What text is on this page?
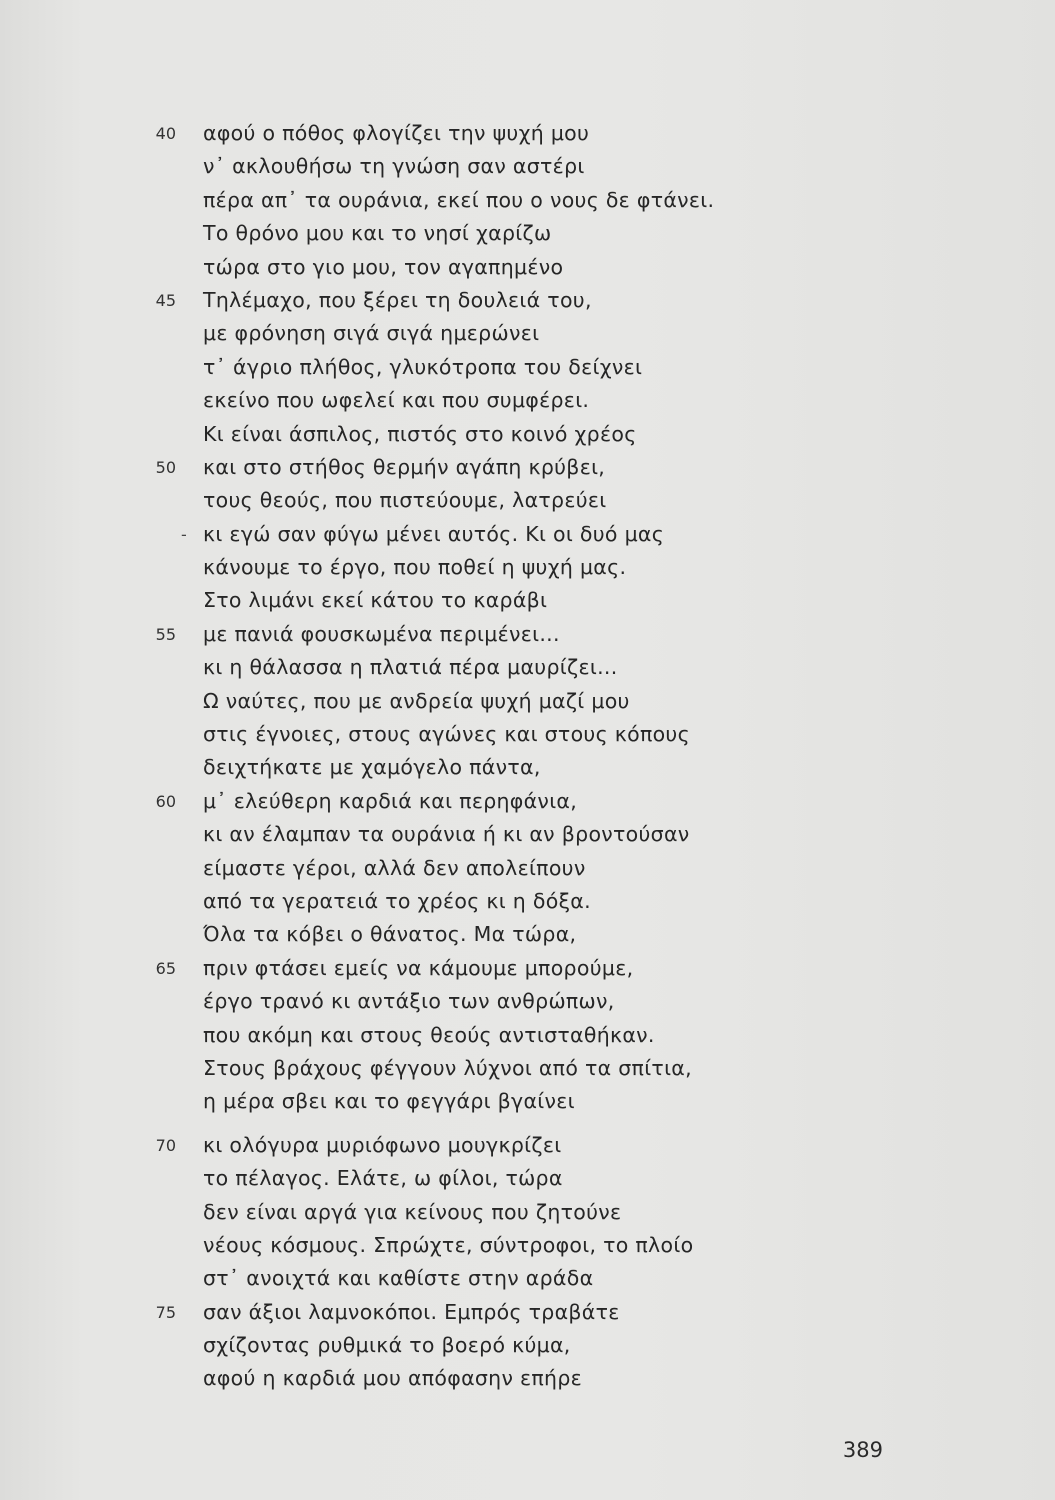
40 αφού ο πόθος φλογίζει την ψυχή μου
ν᾽ ακλουθήσω τη γνώση σαν αστέρι
πέρα απ᾽ τα ουράνια, εκεί που ο νους δε φτάνει.
Το θρόνο μου και το νησί χαρίζω
τώρα στο γιο μου, τον αγαπημένο
45 Τηλέμαχο, που ξέρει τη δουλειά του,
με φρόνηση σιγά σιγά ημερώνει
τ᾽ άγριο πλήθος, γλυκότροπα του δείχνει
εκείνο που ωφελεί και που συμφέρει.
Κι είναι άσπιλος, πιστός στο κοινό χρέος
50 και στο στήθος θερμήν αγάπη κρύβει,
τους θεούς, που πιστεύουμε, λατρεύει
- κι εγώ σαν φύγω μένει αυτός. Κι οι δυό μας
κάνουμε το έργο, που ποθεί η ψυχή μας.
Στο λιμάνι εκεί κάτου το καράβι
55 με πανιά φουσκωμένα περιμένει...
κι η θάλασσα η πλατιά πέρα μαυρίζει...
Ω ναύτες, που με ανδρεία ψυχή μαζί μου
στις έγνοιες, στους αγώνες και στους κόπους
δειχτήκατε με χαμόγελο πάντα,
60 μ᾽ ελεύθερη καρδιά και περηφάνια,
κι αν έλαμπαν τα ουράνια ή κι αν βροντούσαν
είμαστε γέροι, αλλά δεν απολείπουν
από τα γερατειά το χρέος κι η δόξα.
Όλα τα κόβει ο θάνατος. Μα τώρα,
65 πριν φτάσει εμείς να κάμουμε μπορούμε,
έργο τρανό κι αντάξιο των ανθρώπων,
που ακόμη και στους θεούς αντισταθήκαν.
Στους βράχους φέγγουν λύχνοι από τα σπίτια,
η μέρα σβει και το φεγγάρι βγαίνει
70 κι ολόγυρα μυριόφωνο μουγκρίζει
το πέλαγος. Ελάτε, ω φίλοι, τώρα
δεν είναι αργά για κείνους που ζητούνε
νέους κόσμους. Σπρώχτε, σύντροφοι, το πλοίο
στ᾽ ανοιχτά και καθίστε στην αράδα
75 σαν άξιοι λαμνοκόποι. Εμπρός τραβάτε
σχίζοντας ρυθμικά το βοερό κύμα,
αφού η καρδιά μου απόφασην επήρε
389
